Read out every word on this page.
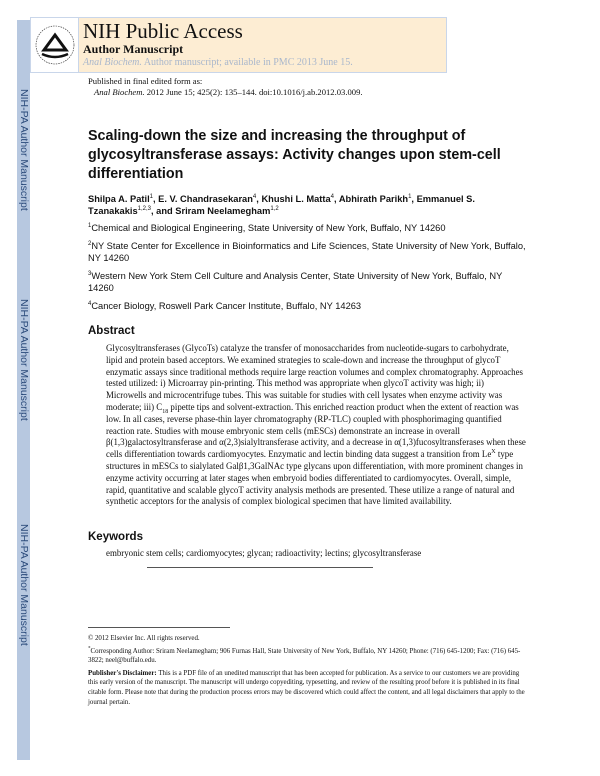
NIH-PA Author Manuscript
NIH-PA Author Manuscript
NIH-PA Author Manuscript
NIH Public Access
Author Manuscript
Anal Biochem. Author manuscript; available in PMC 2013 June 15.
Published in final edited form as:
Anal Biochem. 2012 June 15; 425(2): 135–144. doi:10.1016/j.ab.2012.03.009.
Scaling-down the size and increasing the throughput of glycosyltransferase assays: Activity changes upon stem-cell differentiation
Shilpa A. Patil$^1$, E. V. Chandrasekaran$^4$, Khushi L. Matta$^4$, Abhirath Parikh$^1$, Emmanuel S. Tzanakakis$^{1,2,3}$, and Sriram Neelamegham$^{1,2}$
$^1$Chemical and Biological Engineering, State University of New York, Buffalo, NY 14260
$^2$NY State Center for Excellence in Bioinformatics and Life Sciences, State University of New York, Buffalo, NY 14260
$^3$Western New York Stem Cell Culture and Analysis Center, State University of New York, Buffalo, NY 14260
$^4$Cancer Biology, Roswell Park Cancer Institute, Buffalo, NY 14263
Abstract
Glycosyltransferases (GlycoTs) catalyze the transfer of monosaccharides from nucleotide-sugars to carbohydrate, lipid and protein based acceptors. We examined strategies to scale-down and increase the throughput of glycoT enzymatic assays since traditional methods require large reaction volumes and complex chromatography. Approaches tested utilized: i) Microarray pin-printing. This method was appropriate when glycoT activity was high; ii) Microwells and microcentrifuge tubes. This was suitable for studies with cell lysates when enzyme activity was moderate; iii) $C_{18}$ pipette tips and solvent-extraction. This enriched reaction product when the extent of reaction was low. In all cases, reverse phase-thin layer chromatography (RP-TLC) coupled with phosphorimaging quantified reaction rate. Studies with mouse embryonic stem cells (mESCs) demonstrate an increase in overall β(1,3)galactosyltransferase and α(2,3)sialyltransferase activity, and a decrease in α(1,3)fucosyltransferases when these cells differentiation towards cardiomyocytes. Enzymatic and lectin binding data suggest a transition from $Le^X$ type structures in mESCs to sialylated Galβ1,3GalNAc type glycans upon differentiation, with more prominent changes in enzyme activity occurring at later stages when embryoid bodies differentiated to cardiomyocytes. Overall, simple, rapid, quantitative and scalable glycoT activity analysis methods are presented. These utilize a range of natural and synthetic acceptors for the analysis of complex biological specimen that have limited availability.
Keywords
embryonic stem cells; cardiomyocytes; glycan; radioactivity; lectins; glycosyltransferase
© 2012 Elsevier Inc. All rights reserved.
*Corresponding Author: Sriram Neelamegham; 906 Furnas Hall, State University of New York, Buffalo, NY 14260; Phone: (716) 645-1200; Fax: (716) 645-3822; neel@buffalo.edu.
Publisher's Disclaimer: This is a PDF file of an unedited manuscript that has been accepted for publication. As a service to our customers we are providing this early version of the manuscript. The manuscript will undergo copyediting, typesetting, and review of the resulting proof before it is published in its final citable form. Please note that during the production process errors may be discovered which could affect the content, and all legal disclaimers that apply to the journal pertain.
